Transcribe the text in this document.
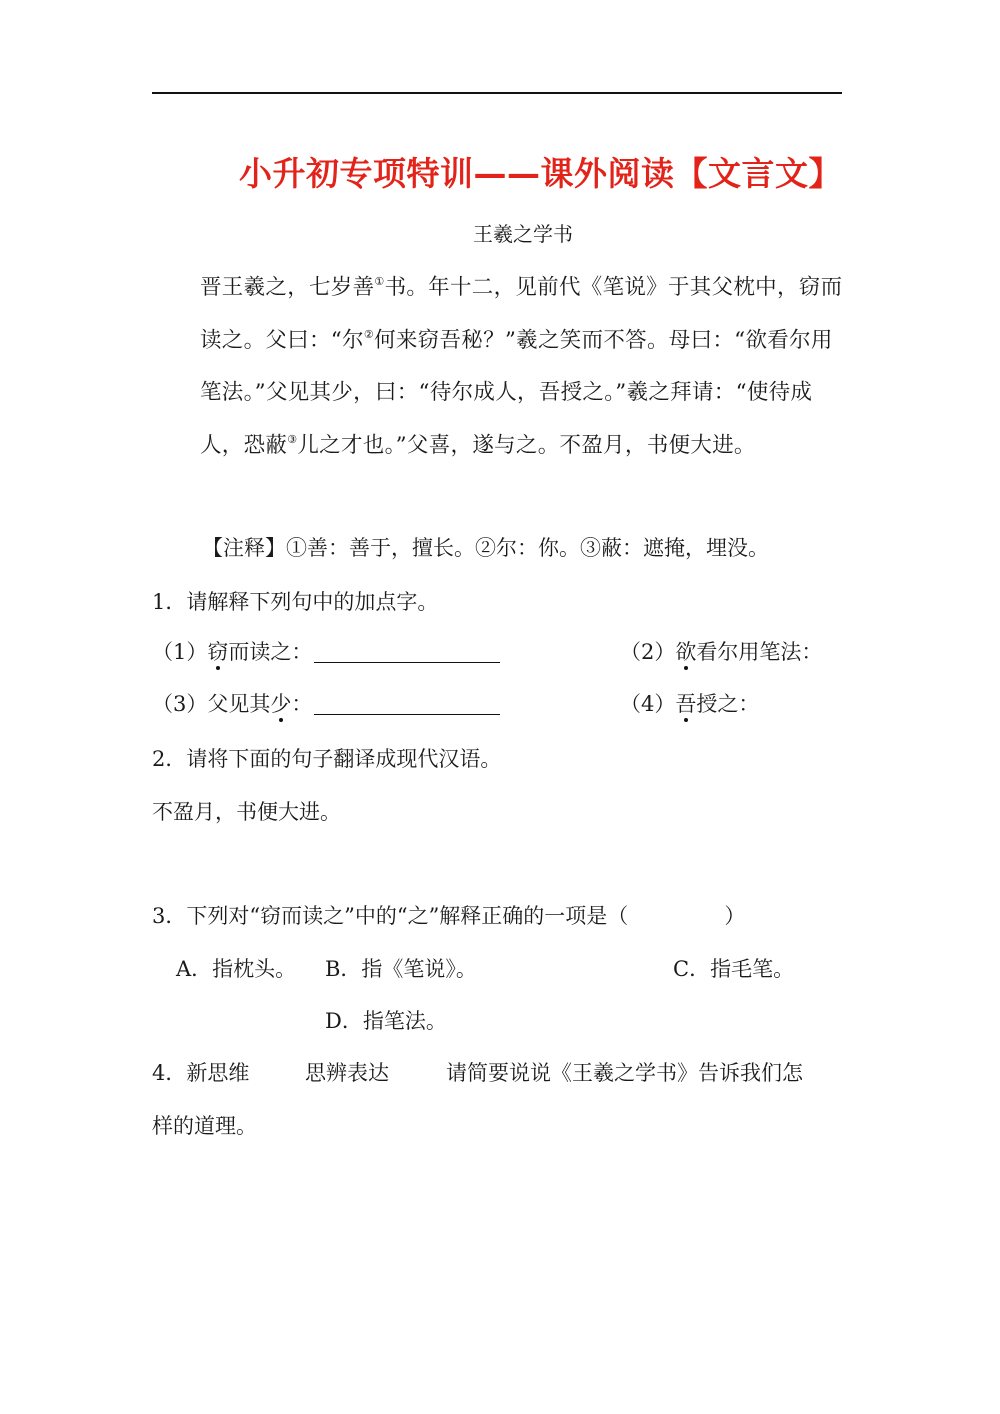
小升初专项特训——课外阅读【文言文】
王羲之学书

晋王羲之，七岁善①书。年十二，见前代《笔说》于其父枕中，窃而读之。父曰：“尔②何来窃吾秘？”羲之笑而不答。母曰：“欲看尔用笔法。”父见其少，曰：“待尔成人，吾授之。”羲之拜请：“使待成人，恐蔽③儿之才也。”父喜，遂与之。不盈月，书便大进。

【注释】①善：善于，擅长。②尔：你。③蔽：遮掩，埋没。
1．请解释下列句中的加点字。
（1）窃而读之：	（2）欲看尔用笔法：
（3）父见其少：	（4）吾授之：
2．请将下面的句子翻译成现代汉语。
不盈月，书便大进。
3．下列对“窃而读之”中的“之”解释正确的一项是（	）
A．指枕头。 B．指《笔说》。	C．指毛笔。
D．指笔法。
4．新思维	思辨表达	请简要说说《王羲之学书》告诉我们怎
样的道理。
